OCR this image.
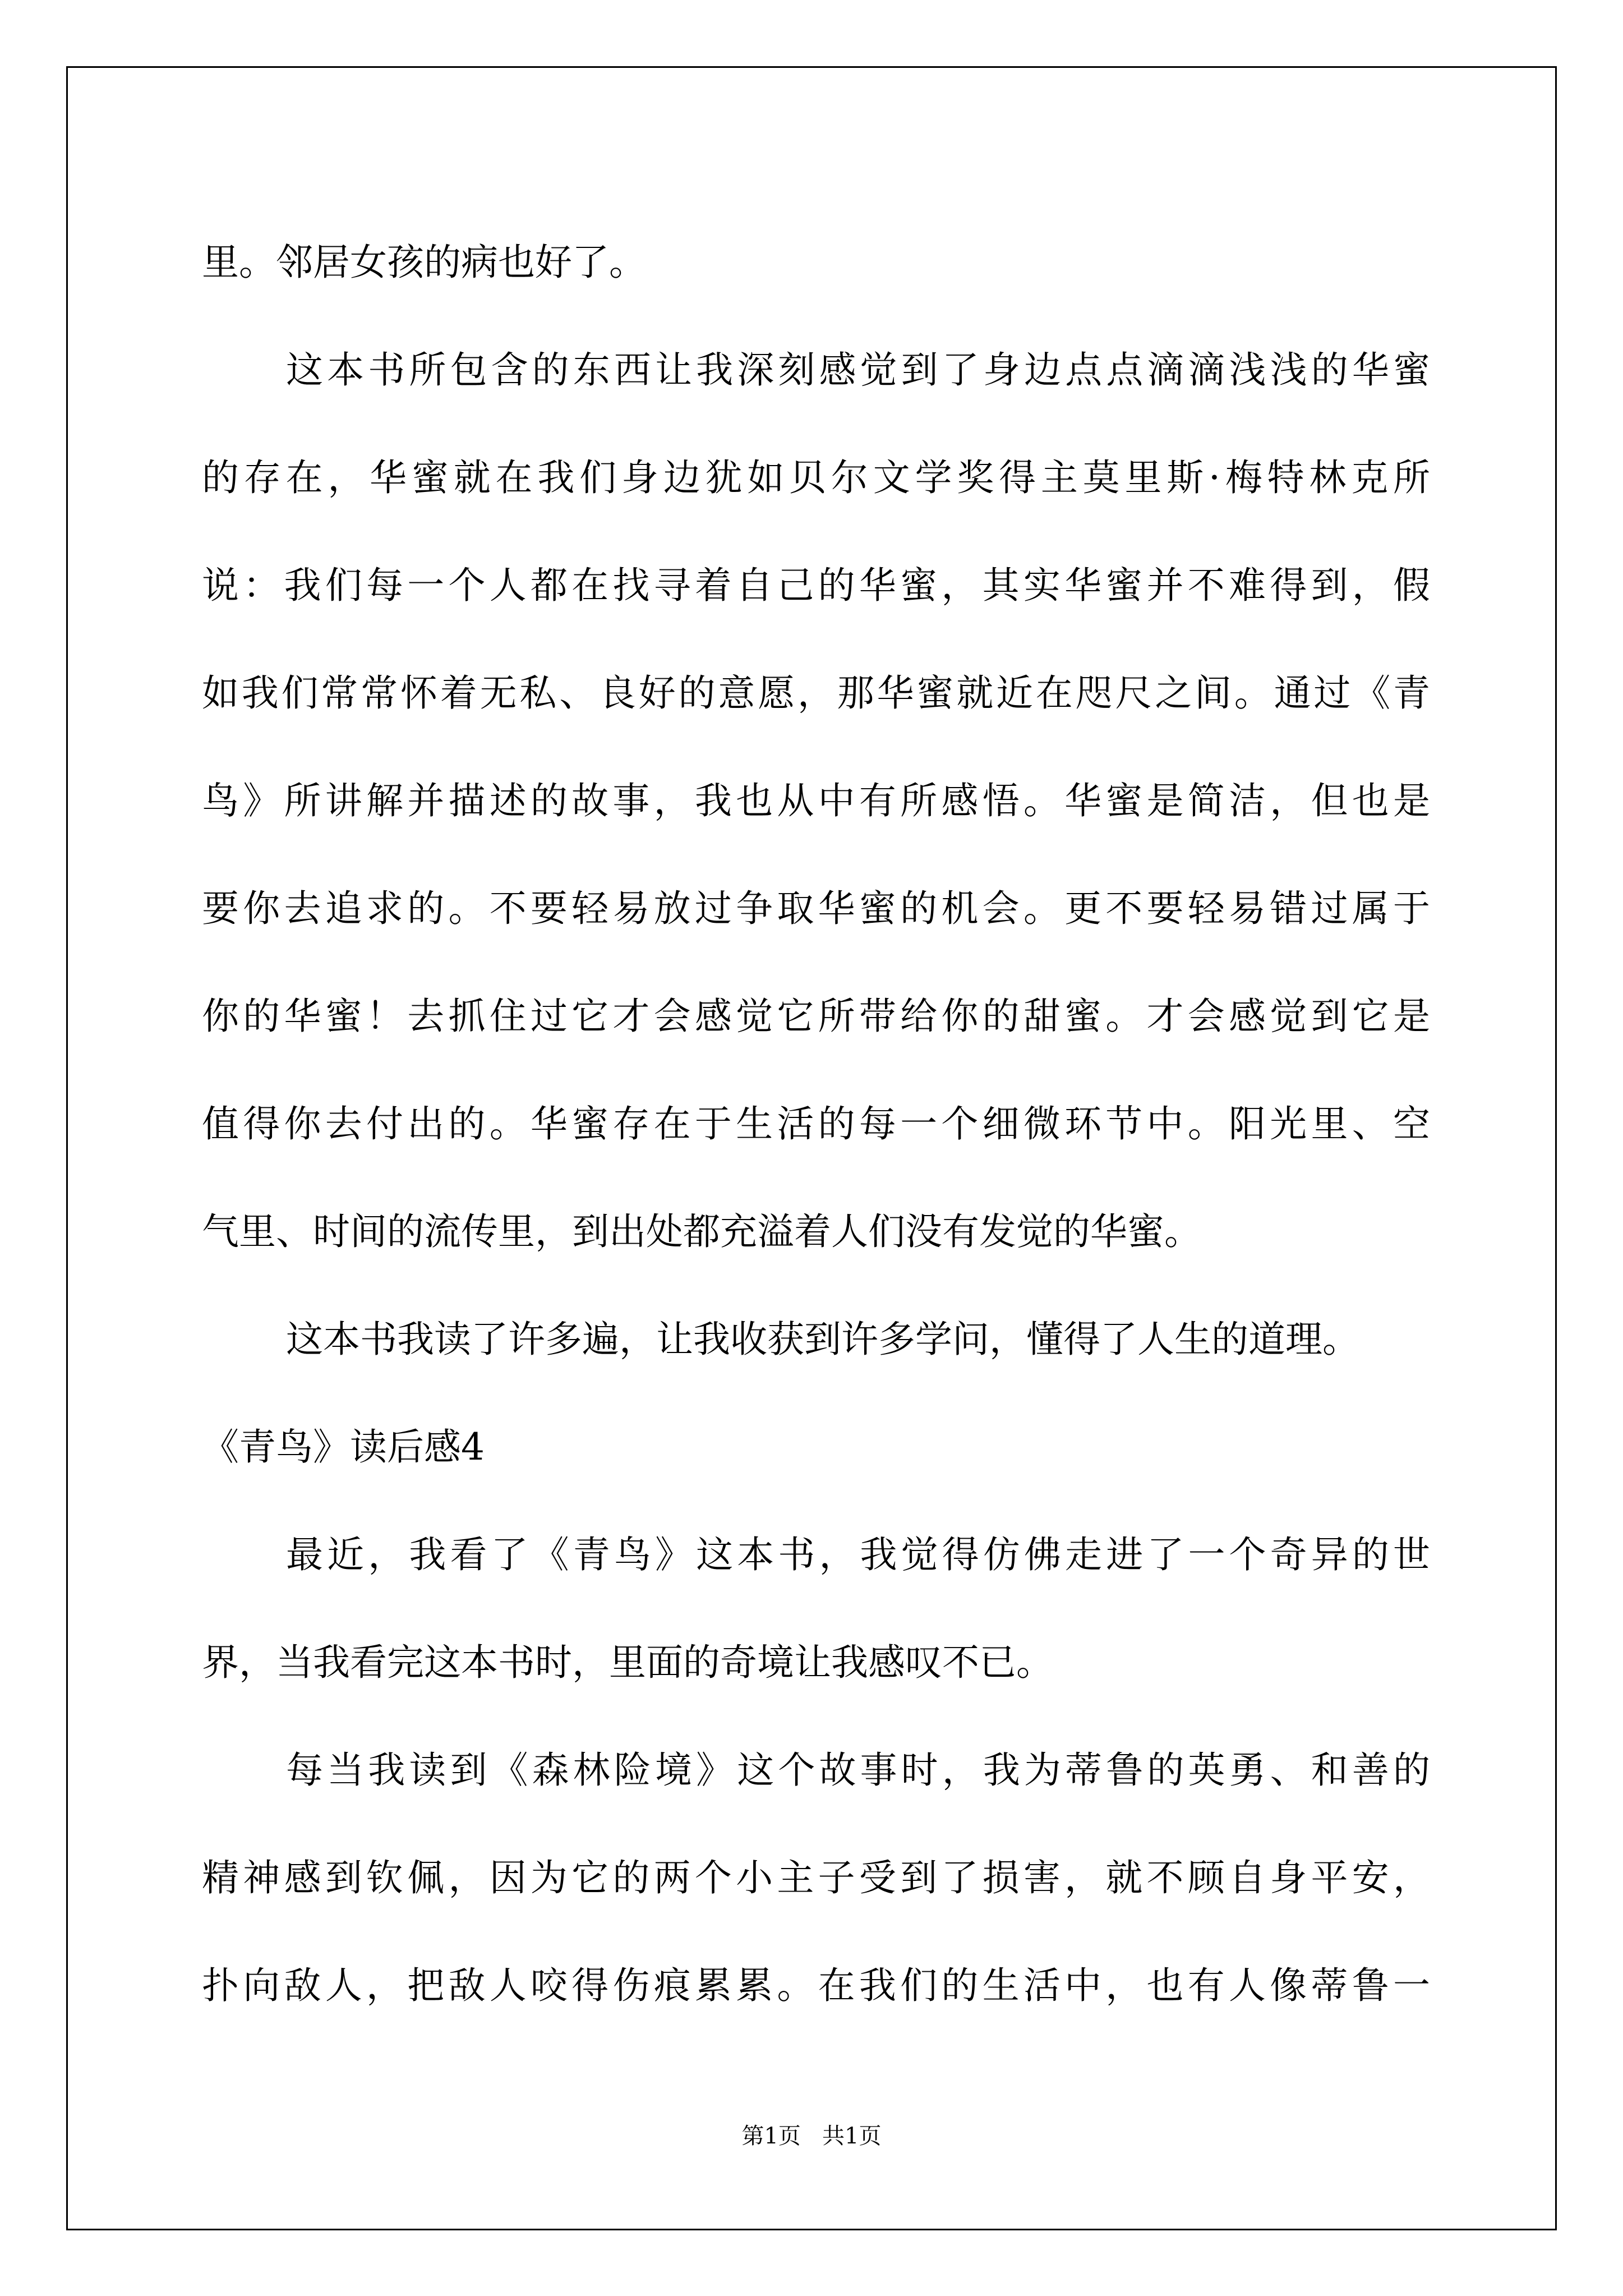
里。邻居女孩的病也好了。
这本书所包含的东西让我深刻感觉到了身边点点滴滴浅浅的华蜜
的存在，华蜜就在我们身边犹如贝尔文学奖得主莫里斯·梅特林克所
说：我们每一个人都在找寻着自己的华蜜，其实华蜜并不难得到，假
如我们常常怀着无私、良好的意愿，那华蜜就近在咫尺之间。通过《青
鸟》所讲解并描述的故事，我也从中有所感悟。华蜜是简洁，但也是
要你去追求的。不要轻易放过争取华蜜的机会。更不要轻易错过属于
你的华蜜！去抓住过它才会感觉它所带给你的甜蜜。才会感觉到它是
值得你去付出的。华蜜存在于生活的每一个细微环节中。阳光里、空
气里、时间的流传里，到出处都充溢着人们没有发觉的华蜜。
这本书我读了许多遍，让我收获到许多学问，懂得了人生的道理。
《青鸟》读后感4
最近，我看了《青鸟》这本书，我觉得仿佛走进了一个奇异的世
界，当我看完这本书时，里面的奇境让我感叹不已。
每当我读到《森林险境》这个故事时，我为蒂鲁的英勇、和善的
精神感到钦佩，因为它的两个小主子受到了损害，就不顾自身平安，
扑向敌人，把敌人咬得伤痕累累。在我们的生活中，也有人像蒂鲁一
第1页   共1页
